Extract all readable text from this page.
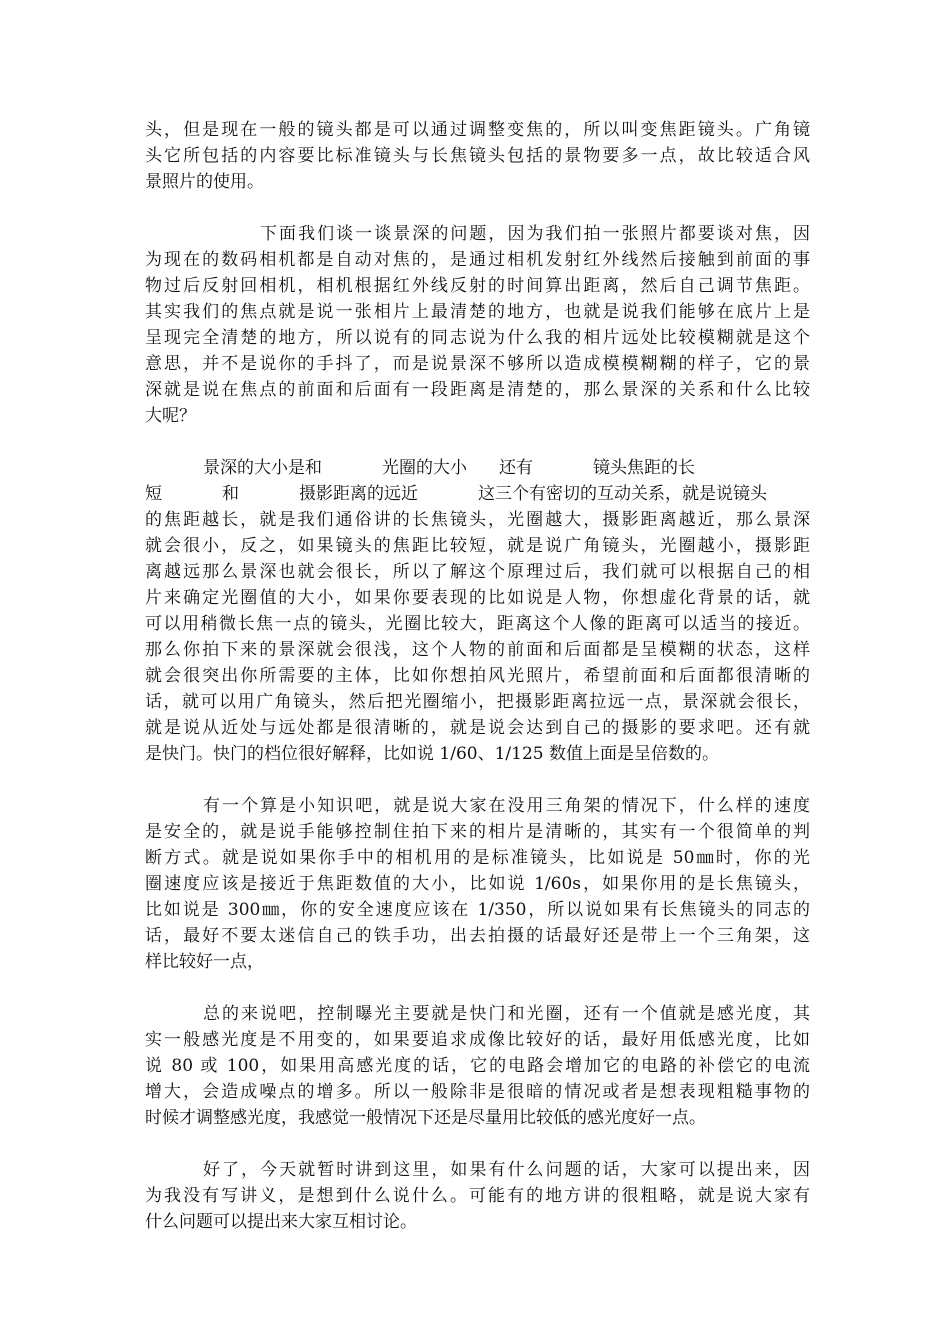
头，但是现在一般的镜头都是可以通过调整变焦的，所以叫变焦距镜头。广角镜
头它所包括的内容要比标准镜头与长焦镜头包括的景物要多一点，故比较适合风
景照片的使用。
下面我们谈一谈景深的问题，因为我们拍一张照片都要谈对焦，因
为现在的数码相机都是自动对焦的，是通过相机发射红外线然后接触到前面的事
物过后反射回相机，相机根据红外线反射的时间算出距离，然后自己调节焦距。
其实我们的焦点就是说一张相片上最清楚的地方，也就是说我们能够在底片上是
呈现完全清楚的地方，所以说有的同志说为什么我的相片远处比较模糊就是这个
意思，并不是说你的手抖了，而是说景深不够所以造成模模糊糊的样子，它的景
深就是说在焦点的前面和后面有一段距离是清楚的，那么景深的关系和什么比较
大呢？
景深的大小是和	光圈的大小 还有	镜头焦距的长
短	和	摄影距离的远近	这三个有密切的互动关系，就是说镜头
的焦距越长，就是我们通俗讲的长焦镜头，光圈越大，摄影距离越近，那么景深
就会很小，反之，如果镜头的焦距比较短，就是说广角镜头，光圈越小，摄影距
离越远那么景深也就会很长，所以了解这个原理过后，我们就可以根据自己的相
片来确定光圈值的大小，如果你要表现的比如说是人物，你想虚化背景的话，就
可以用稍微长焦一点的镜头，光圈比较大，距离这个人像的距离可以适当的接近。
那么你拍下来的景深就会很浅，这个人物的前面和后面都是呈模糊的状态，这样
就会很突出你所需要的主体，比如你想拍风光照片，希望前面和后面都很清晰的
话，就可以用广角镜头，然后把光圈缩小，把摄影距离拉远一点，景深就会很长，
就是说从近处与远处都是很清晰的，就是说会达到自己的摄影的要求吧。还有就
是快门。快门的档位很好解释，比如说 1/60、1/125 数值上面是呈倍数的。
有一个算是小知识吧，就是说大家在没用三角架的情况下，什么样的速度
是安全的，就是说手能够控制住拍下来的相片是清晰的，其实有一个很简单的判
断方式。就是说如果你手中的相机用的是标准镜头，比如说是 50㎜时，你的光
圈速度应该是接近于焦距数值的大小，比如说 1/60s，如果你用的是长焦镜头，
比如说是 300㎜，你的安全速度应该在 1/350，所以说如果有长焦镜头的同志的
话，最好不要太迷信自己的铁手功，出去拍摄的话最好还是带上一个三角架，这
样比较好一点，
总的来说吧，控制曝光主要就是快门和光圈，还有一个值就是感光度，其
实一般感光度是不用变的，如果要追求成像比较好的话，最好用低感光度，比如
说 80 或 100，如果用高感光度的话，它的电路会增加它的电路的补偿它的电流
增大，会造成噪点的增多。所以一般除非是很暗的情况或者是想表现粗糙事物的
时候才调整感光度，我感觉一般情况下还是尽量用比较低的感光度好一点。
好了，今天就暂时讲到这里，如果有什么问题的话，大家可以提出来，因
为我没有写讲义，是想到什么说什么。可能有的地方讲的很粗略，就是说大家有
什么问题可以提出来大家互相讨论。
